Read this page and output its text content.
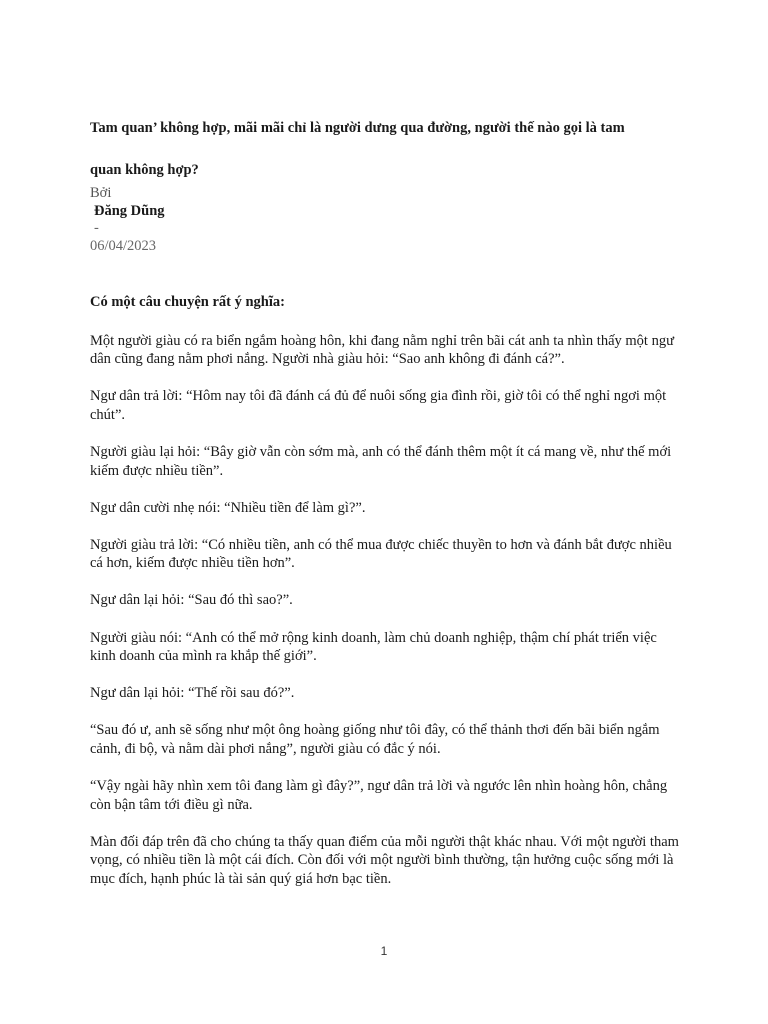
Tam quan’ không hợp, mãi mãi chỉ là người dưng qua đường, người thế nào gọi là tam
quan không hợp?
Bởi
Đăng Dũng
-
06/04/2023

Có một câu chuyện rất ý nghĩa:

Một người giàu có ra biển ngắm hoàng hôn, khi đang nằm nghỉ trên bãi cát anh ta nhìn thấy một ngư dân cũng đang nằm phơi nắng. Người nhà giàu hỏi: “Sao anh không đi đánh cá?”.

Ngư dân trả lời: “Hôm nay tôi đã đánh cá đủ để nuôi sống gia đình rồi, giờ tôi có thể nghỉ ngơi một chút”.

Người giàu lại hỏi: “Bây giờ vẫn còn sớm mà, anh có thể đánh thêm một ít cá mang về, như thế mới kiếm được nhiều tiền”.

Ngư dân cười nhẹ nói: “Nhiều tiền để làm gì?”.

Người giàu trả lời: “Có nhiều tiền, anh có thể mua được chiếc thuyền to hơn và đánh bắt được nhiều cá hơn, kiếm được nhiều tiền hơn”.

Ngư dân lại hỏi: “Sau đó thì sao?”.

Người giàu nói: “Anh có thể mở rộng kinh doanh, làm chủ doanh nghiệp, thậm chí phát triển việc kinh doanh của mình ra khắp thế giới”.

Ngư dân lại hỏi: “Thế rồi sau đó?”.

“Sau đó ư, anh sẽ sống như một ông hoàng giống như tôi đây, có thể thảnh thơi đến bãi biển ngắm cảnh, đi bộ, và nằm dài phơi nắng”, người giàu có đắc ý nói.

“Vậy ngài hãy nhìn xem tôi đang làm gì đây?”, ngư dân trả lời và ngước lên nhìn hoàng hôn, chẳng còn bận tâm tới điều gì nữa.

Màn đối đáp trên đã cho chúng ta thấy quan điểm của mỗi người thật khác nhau. Với một người tham vọng, có nhiều tiền là một cái đích. Còn đối với một người bình thường, tận hưởng cuộc sống mới là mục đích, hạnh phúc là tài sản quý giá hơn bạc tiền.

1
